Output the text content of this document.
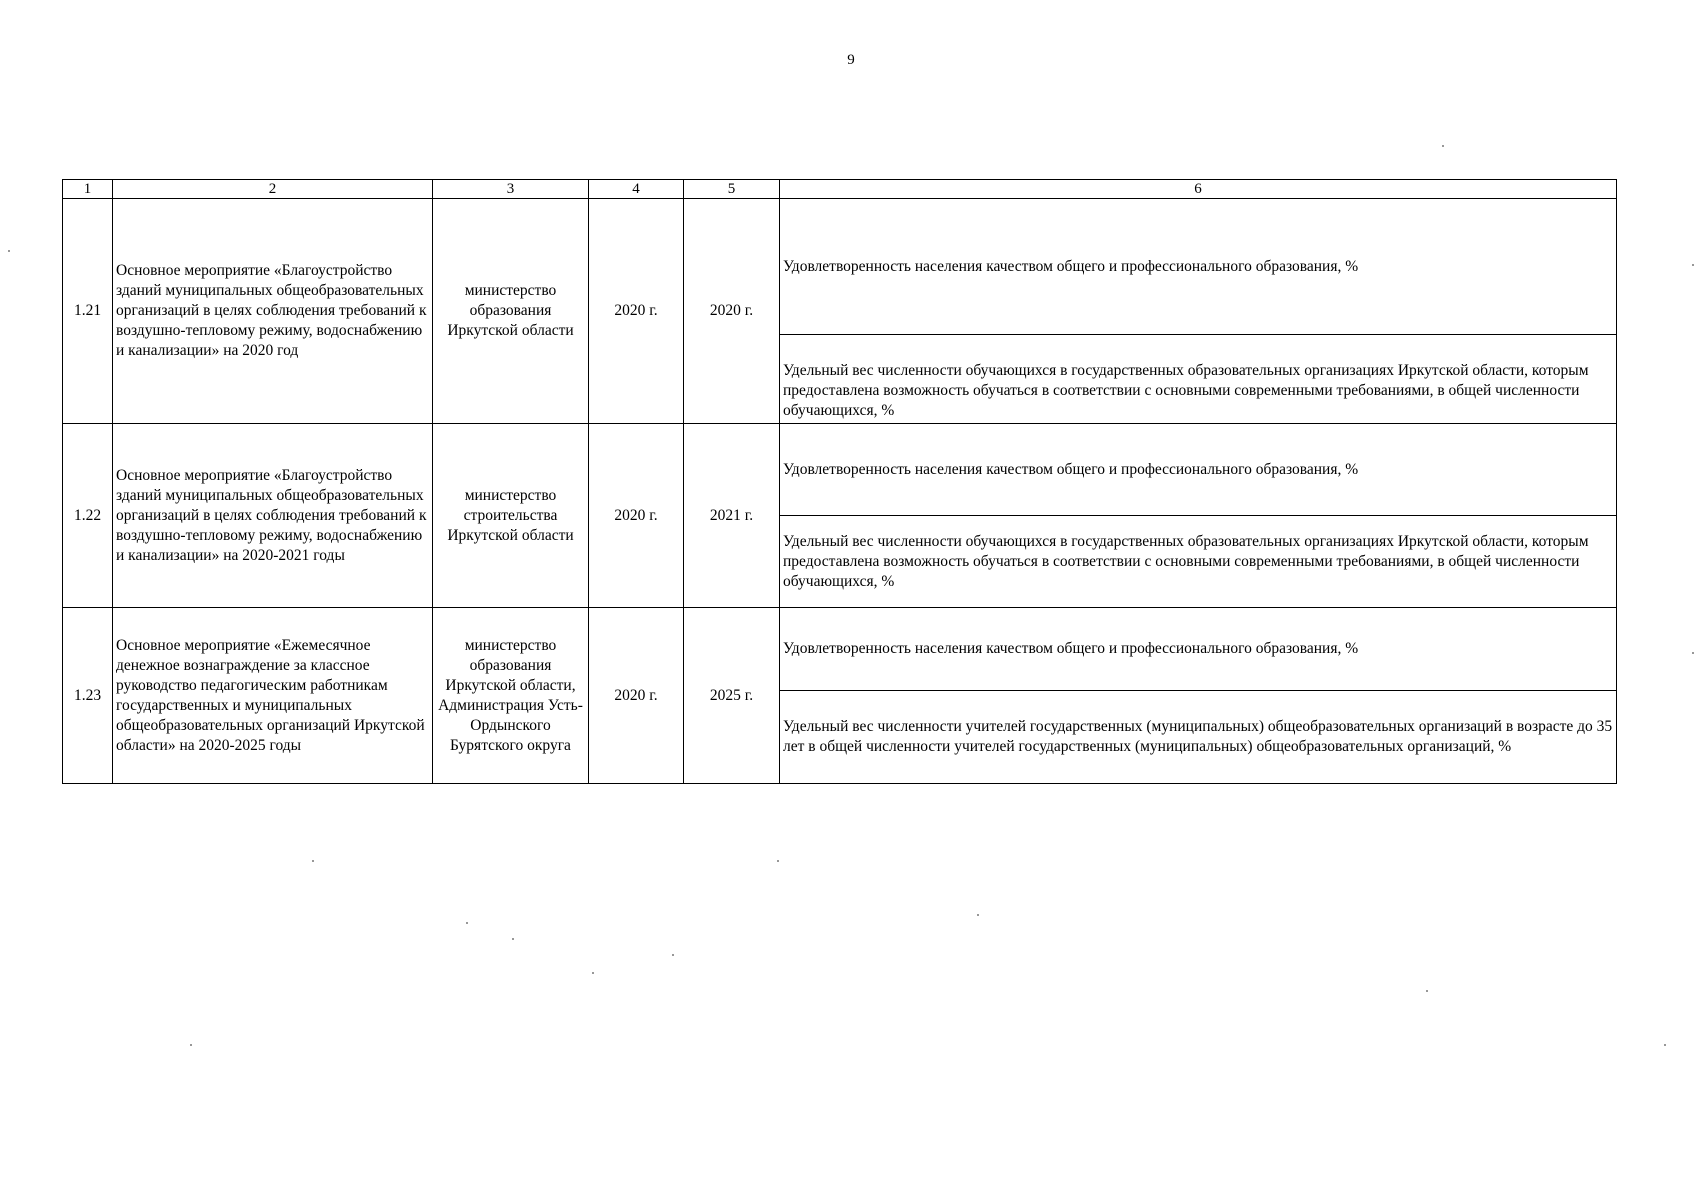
9
1	2	3	4	5	6
1.21	Основное мероприятие «Благоустройство зданий муниципальных общеобразовательных организаций в целях соблюдения требований к воздушно-тепловому режиму, водоснабжению и канализации» на 2020 год	министерство образования Иркутской области	2020 г.	2020 г.	Удовлетворенность населения качеством общего и профессионального образования, %
					Удельный вес численности обучающихся в государственных образовательных организациях Иркутской области, которым предоставлена возможность обучаться в соответствии с основными современными требованиями, в общей численности обучающихся, %
1.22	Основное мероприятие «Благоустройство зданий муниципальных общеобразовательных организаций в целях соблюдения требований к воздушно-тепловому режиму, водоснабжению и канализации» на 2020-2021 годы	министерство строительства Иркутской области	2020 г.	2021 г.	Удовлетворенность населения качеством общего и профессионального образования, %
					Удельный вес численности обучающихся в государственных образовательных организациях Иркутской области, которым предоставлена возможность обучаться в соответствии с основными современными требованиями, в общей численности обучающихся, %
1.23	Основное мероприятие «Ежемесячное денежное вознаграждение за классное руководство педагогическим работникам государственных и муниципальных общеобразовательных организаций Иркутской области» на 2020-2025 годы	министерство образования Иркутской области, Администрация Усть-Ордынского Бурятского округа	2020 г.	2025 г.	Удовлетворенность населения качеством общего и профессионального образования, %
					Удельный вес численности учителей государственных (муниципальных) общеобразовательных организаций в возрасте до 35 лет в общей численности учителей государственных (муниципальных) общеобразовательных организаций, %
